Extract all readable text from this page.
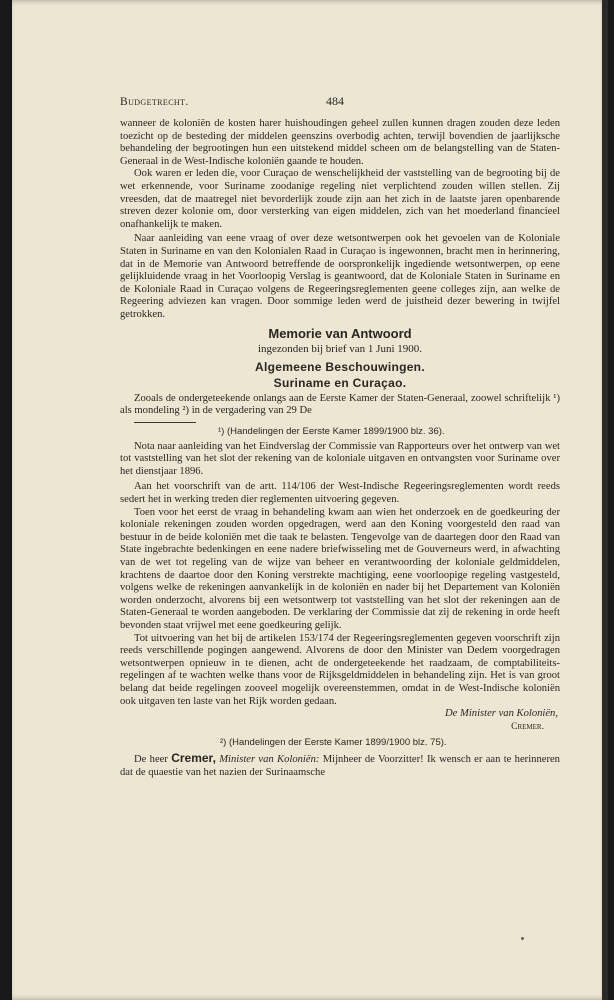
Budgetrecht.	484

wanneer de koloniën de kosten harer huishoudingen geheel zullen kunnen dragen zouden deze leden toezicht op de besteding der middelen geenszins overbodig achten, terwijl bovendien de jaarlijksche behandeling der begrootingen hun een uitstekend middel scheen om de belangstelling van de Staten-Generaal in de West-Indische koloniën gaande te houden.

Ook waren er leden die, voor Curaçao de wenschelijkheid der vaststelling van de begrooting bij de wet erkennende, voor Suriname zoodanige regeling niet verplichtend zouden willen stellen. Zij vreesden, dat de maatregel niet bevorderlijk zoude zijn aan het zich in de laatste jaren openbarende streven dezer kolonie om, door versterking van eigen middelen, zich van het moederland financieel onafhankelijk te maken.

Naar aanleiding van eene vraag of over deze wetsontwerpen ook het gevoelen van de Koloniale Staten in Suriname en van den Kolonialen Raad in Curaçao is ingewonnen, bracht men in herinnering, dat in de Memorie van Antwoord betreffende de oorspronkelijk ingediende wetsontwerpen, op eene gelijkluidende vraag in het Voorloopig Verslag is geantwoord, dat de Koloniale Staten in Suriname en de Koloniale Raad in Curaçao volgens de Regeeringsreglementen geene colleges zijn, aan welke de Regeering adviezen kan vragen. Door sommige leden werd de juistheid dezer bewering in twijfel getrokken.

Memorie van Antwoord
ingezonden bij brief van 1 Juni 1900.
Algemeene Beschouwingen.
Suriname en Curaçao.

Zooals de ondergeteekende onlangs aan de Eerste Kamer der Staten-Generaal, zoowel schriftelijk ¹) als mondeling ²) in de vergadering van 29 De

¹) (Handelingen der Eerste Kamer 1899/1900 blz. 36).

Nota naar aanleiding van het Eindverslag der Commissie van Rapporteurs over het ontwerp van wet tot vaststelling van het slot der rekening van de koloniale uitgaven en ontvangsten voor Suriname over het dienstjaar 1896.

Aan het voorschrift van de artt. 114/106 der West-Indische Regeeringsreglementen wordt reeds sedert het in werking treden dier reglementen uitvoering gegeven.

Toen voor het eerst de vraag in behandeling kwam aan wien het onderzoek en de goedkeuring der koloniale rekeningen zouden worden opgedragen, werd aan den Koning voorgesteld den raad van bestuur in de beide koloniën met die taak te belasten. Tengevolge van de daartegen door den Raad van State ingebrachte bedenkingen en eene nadere briefwisseling met de Gouverneurs werd, in afwachting van de wet tot regeling van de wijze van beheer en verantwoording der koloniale geldmiddelen, krachtens de daartoe door den Koning verstrekte machtiging, eene voorloopige regeling vastgesteld, volgens welke de rekeningen aanvankelijk in de koloniën en nader bij het Departement van Koloniën worden onderzocht, alvorens bij een wetsontwerp tot vaststelling van het slot der rekeningen aan de Staten-Generaal te worden aangeboden. De verklaring der Commissie dat zij de rekening in orde heeft bevonden staat vrijwel met eene goedkeuring gelijk.

Tot uitvoering van het bij de artikelen 153/174 der Regeeringsreglementen gegeven voorschrift zijn reeds verschillende pogingen aangewend. Alvorens de door den Minister van Dedem voorgedragen wetsontwerpen opnieuw in te dienen, acht de ondergeteekende het raadzaam, de comptabiliteits-regelingen af te wachten welke thans voor de Rijksgeldmiddelen in behandeling zijn. Het is van groot belang dat beide regelingen zooveel mogelijk overeenstemmen, omdat in de West-Indische koloniën ook uitgaven ten laste van het Rijk worden gedaan.

De Minister van Koloniën,
Cremer.
²) (Handelingen der Eerste Kamer 1899/1900 blz. 75).

De heer Cremer, Minister van Koloniën: Mijnheer de Voorzitter! Ik wensch er aan te herinneren dat de quaestie van het nazien der Surinaamsche
